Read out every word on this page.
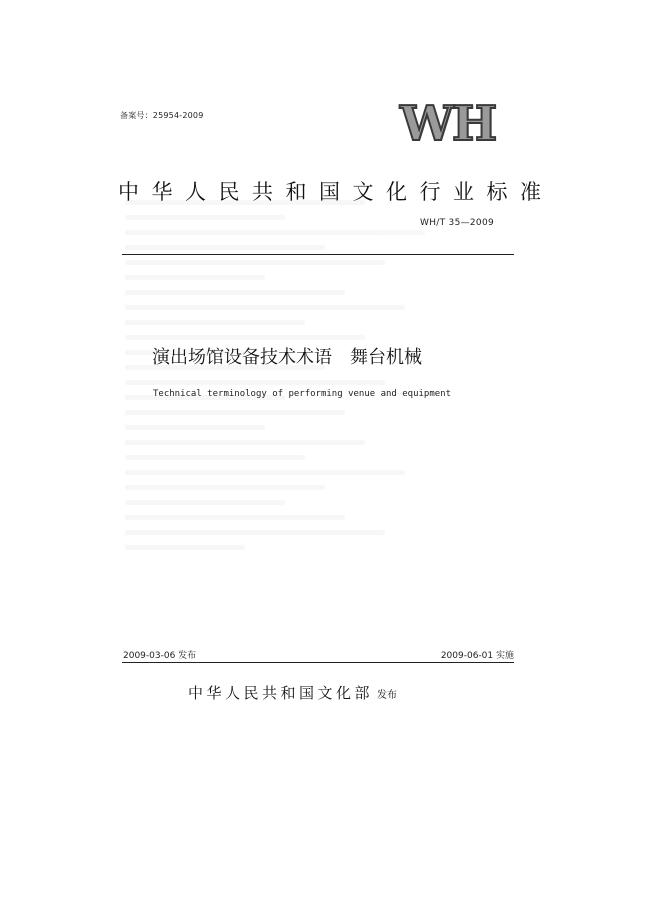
备案号：25954-2009	WH
中华人民共和国文化行业标准
WH/T 35—2009
演出场馆设备技术术语　舞台机械
Technical terminology of performing venue and equipment
2009-03-06 发布	2009-06-01 实施
中华人民共和国文化部 发布
